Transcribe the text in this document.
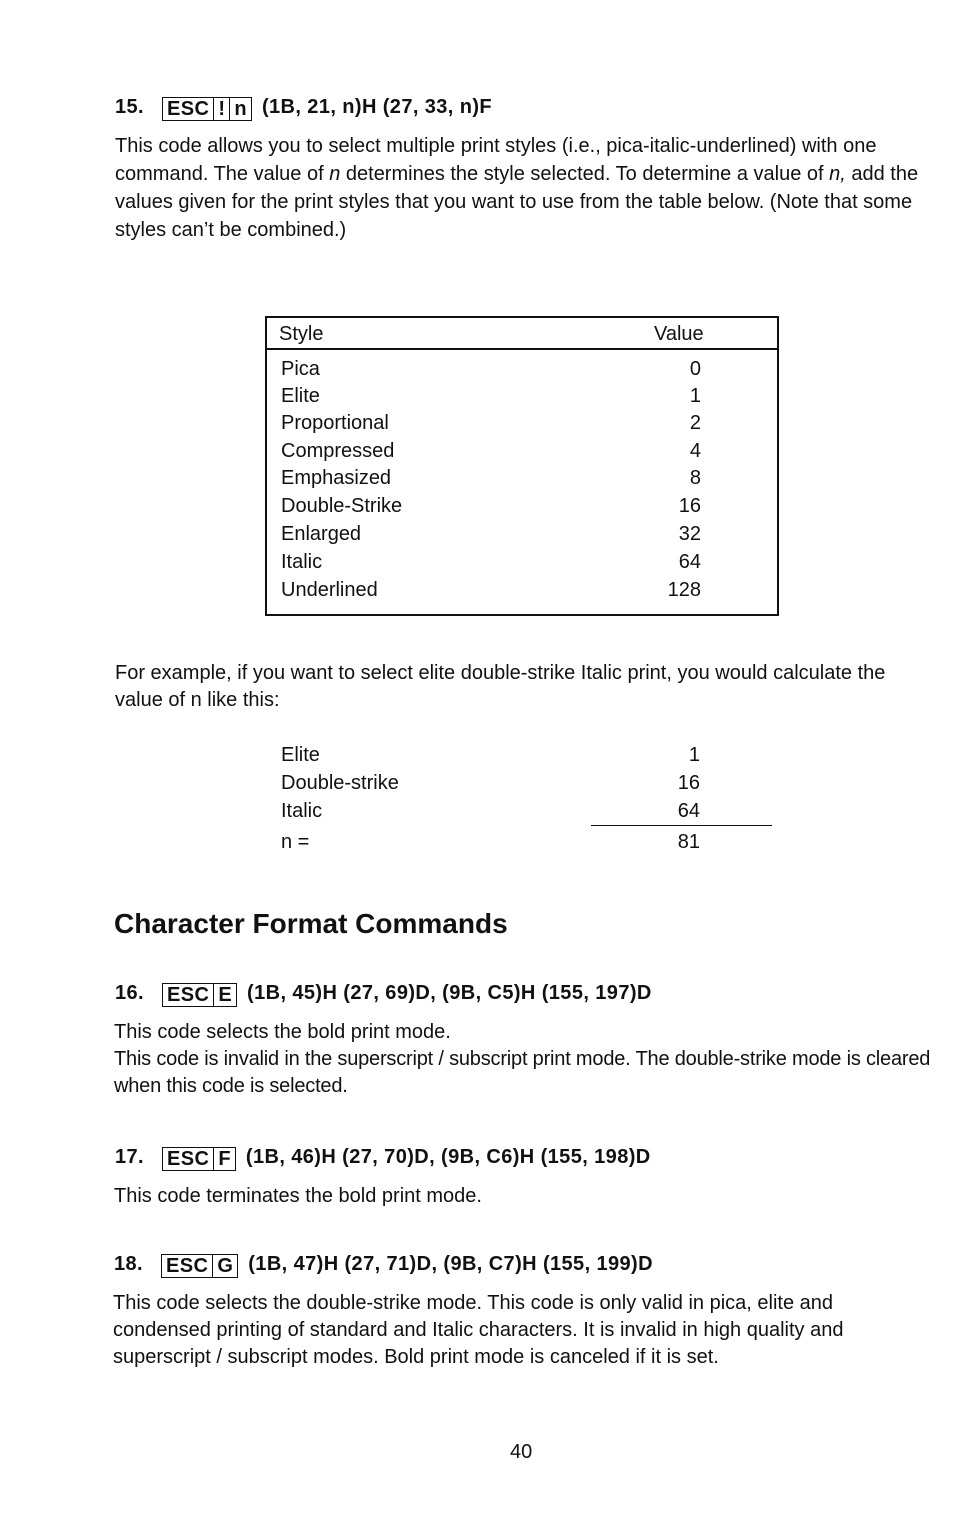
15. ESC ! n (1B, 21, n)H (27, 33, n)F

This code allows you to select multiple print styles (i.e., pica-italic-underlined) with one command. The value of n determines the style selected. To determine a value of n, add the values given for the print styles that you want to use from the table below. (Note that some styles can’t be combined.)

Style	Value
Pica	0
Elite	1
Proportional	2
Compressed	4
Emphasized	8
Double-Strike	16
Enlarged	32
Italic	64
Underlined	128
For example, if you want to select elite double-strike Italic print, you would calculate the value of n like this:
Elite	1
Double-strike	16
Italic	64
n =	81
Character Format Commands
16. ESC E (1B, 45)H (27, 69)D, (9B, C5)H (155, 197)D

This code selects the bold print mode.

This code is invalid in the superscript / subscript print mode. The double-strike mode is cleared when this code is selected.

17. ESC F (1B, 46)H (27, 70)D, (9B, C6)H (155, 198)D

This code terminates the bold print mode.

18. ESC G (1B, 47)H (27, 71)D, (9B, C7)H (155, 199)D

This code selects the double-strike mode. This code is only valid in pica, elite and condensed printing of standard and Italic characters. It is invalid in high quality and superscript / subscript modes. Bold print mode is canceled if it is set.

40
